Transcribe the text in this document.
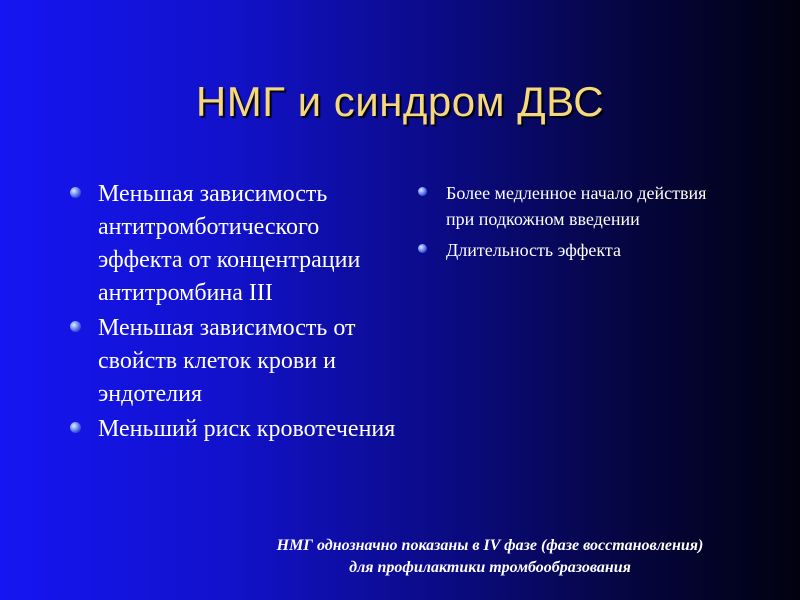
НМГ и синдром ДВС
Меньшая зависимость антитромботического эффекта от концентрации антитромбина III
Меньшая зависимость от свойств клеток крови и эндотелия
Меньший риск кровотечения
Более медленное начало действия при подкожном введении
Длительность эффекта
НМГ однозначно показаны в IV фазе (фазе восстановления)
для профилактики тромбообразования
